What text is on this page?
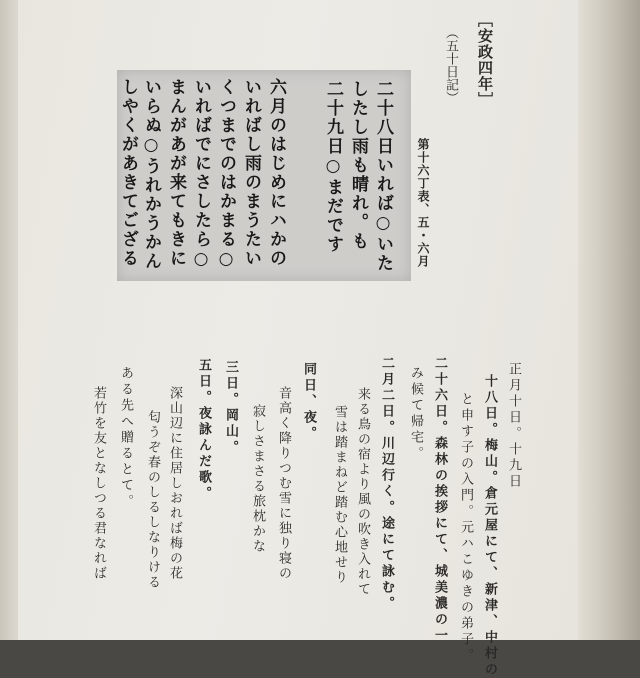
［安政四年］
（五十日記）
二十八日いれば○いた
したし雨も晴れ。も
二十九日○まだです
六月のはじめにハかの
いればし雨のまうたい
くつまでのはかまる○
いればでにさしたら○
まんがあが来てもきに
いらぬ○うれかうかん
しやくがあきてござる	第十六丁表、五・六月
正月十日。十九日
十八日。梅山。倉元屋にて、新津、中村の
と申す子の入門。元ハこゆきの弟子。
二十六日。森林の挨拶にて、城美濃の一
み候て帰宅。
二月二日。川辺行く。途にて詠む。
来る鳥の宿より風の吹き入れて
雪は踏まねど踏む心地せり
同日、夜。
音高く降りつむ雪に独り寝の
寂しさまさる旅枕かな
三日。岡山。
五日。夜詠んだ歌。
深山辺に住居しおれば梅の花
匂うぞ春のしるしなりける
ある先へ贈るとて。
若竹を友となしつる君なれば
